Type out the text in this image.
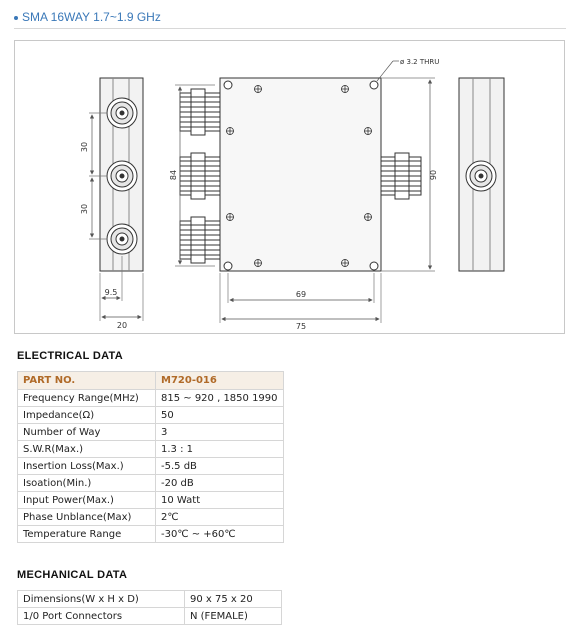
SMA 16WAY 1.7~1.9 GHz
30
30
9.5
20
84	90
69
75
ø 3.2 THRU
ELECTRICAL DATA
PART NO.	M720-016
Frequency Range(MHz)	815 ~ 920 , 1850 1990
Impedance(Ω)	50
Number of Way	3
S.W.R(Max.)	1.3 : 1
Insertion Loss(Max.)	-5.5 dB
Isoation(Min.)	-20 dB
Input Power(Max.)	10 Watt
Phase Unblance(Max)	2℃
Temperature Range	-30℃ ~ +60℃
MECHANICAL DATA
Dimensions(W x H x D)	90 x 75 x 20
1/0 Port Connectors	N (FEMALE)
